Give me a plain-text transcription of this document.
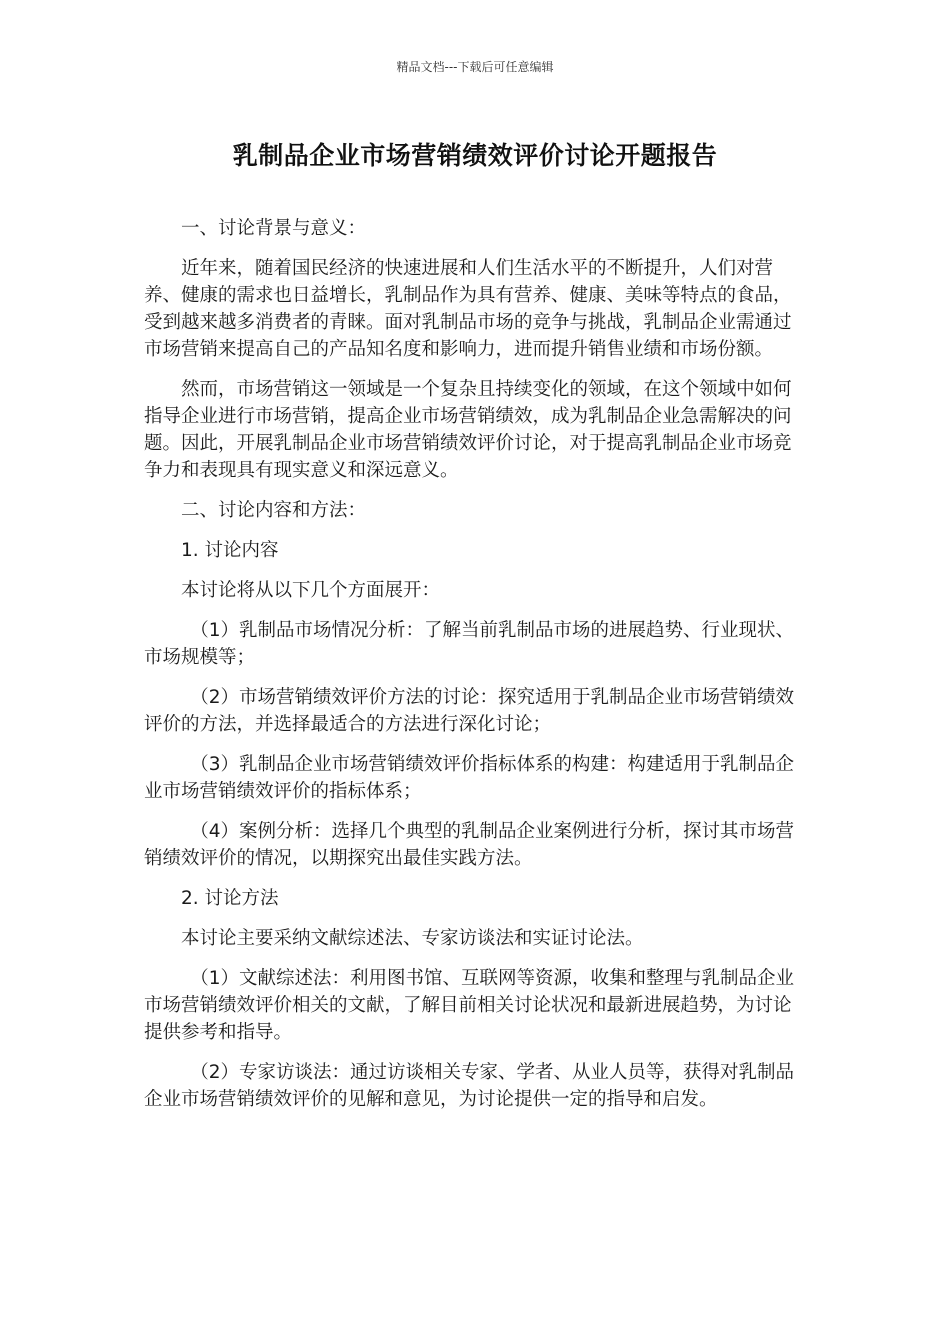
精品文档---下载后可任意编辑
乳制品企业市场营销绩效评价讨论开题报告

一、讨论背景与意义：

近年来，随着国民经济的快速进展和人们生活水平的不断提升，人们对营养、健康的需求也日益增长，乳制品作为具有营养、健康、美味等特点的食品，受到越来越多消费者的青睐。面对乳制品市场的竞争与挑战，乳制品企业需通过市场营销来提高自己的产品知名度和影响力，进而提升销售业绩和市场份额。

然而，市场营销这一领域是一个复杂且持续变化的领域，在这个领域中如何指导企业进行市场营销，提高企业市场营销绩效，成为乳制品企业急需解决的问题。因此，开展乳制品企业市场营销绩效评价讨论，对于提高乳制品企业市场竞争力和表现具有现实意义和深远意义。

二、讨论内容和方法：

1. 讨论内容

本讨论将从以下几个方面展开：

（1）乳制品市场情况分析：了解当前乳制品市场的进展趋势、行业现状、市场规模等；

（2）市场营销绩效评价方法的讨论：探究适用于乳制品企业市场营销绩效评价的方法，并选择最适合的方法进行深化讨论；

（3）乳制品企业市场营销绩效评价指标体系的构建：构建适用于乳制品企业市场营销绩效评价的指标体系；

（4）案例分析：选择几个典型的乳制品企业案例进行分析，探讨其市场营销绩效评价的情况，以期探究出最佳实践方法。

2. 讨论方法

本讨论主要采纳文献综述法、专家访谈法和实证讨论法。

（1）文献综述法：利用图书馆、互联网等资源，收集和整理与乳制品企业市场营销绩效评价相关的文献，了解目前相关讨论状况和最新进展趋势，为讨论提供参考和指导。

（2）专家访谈法：通过访谈相关专家、学者、从业人员等，获得对乳制品企业市场营销绩效评价的见解和意见，为讨论提供一定的指导和启发。
